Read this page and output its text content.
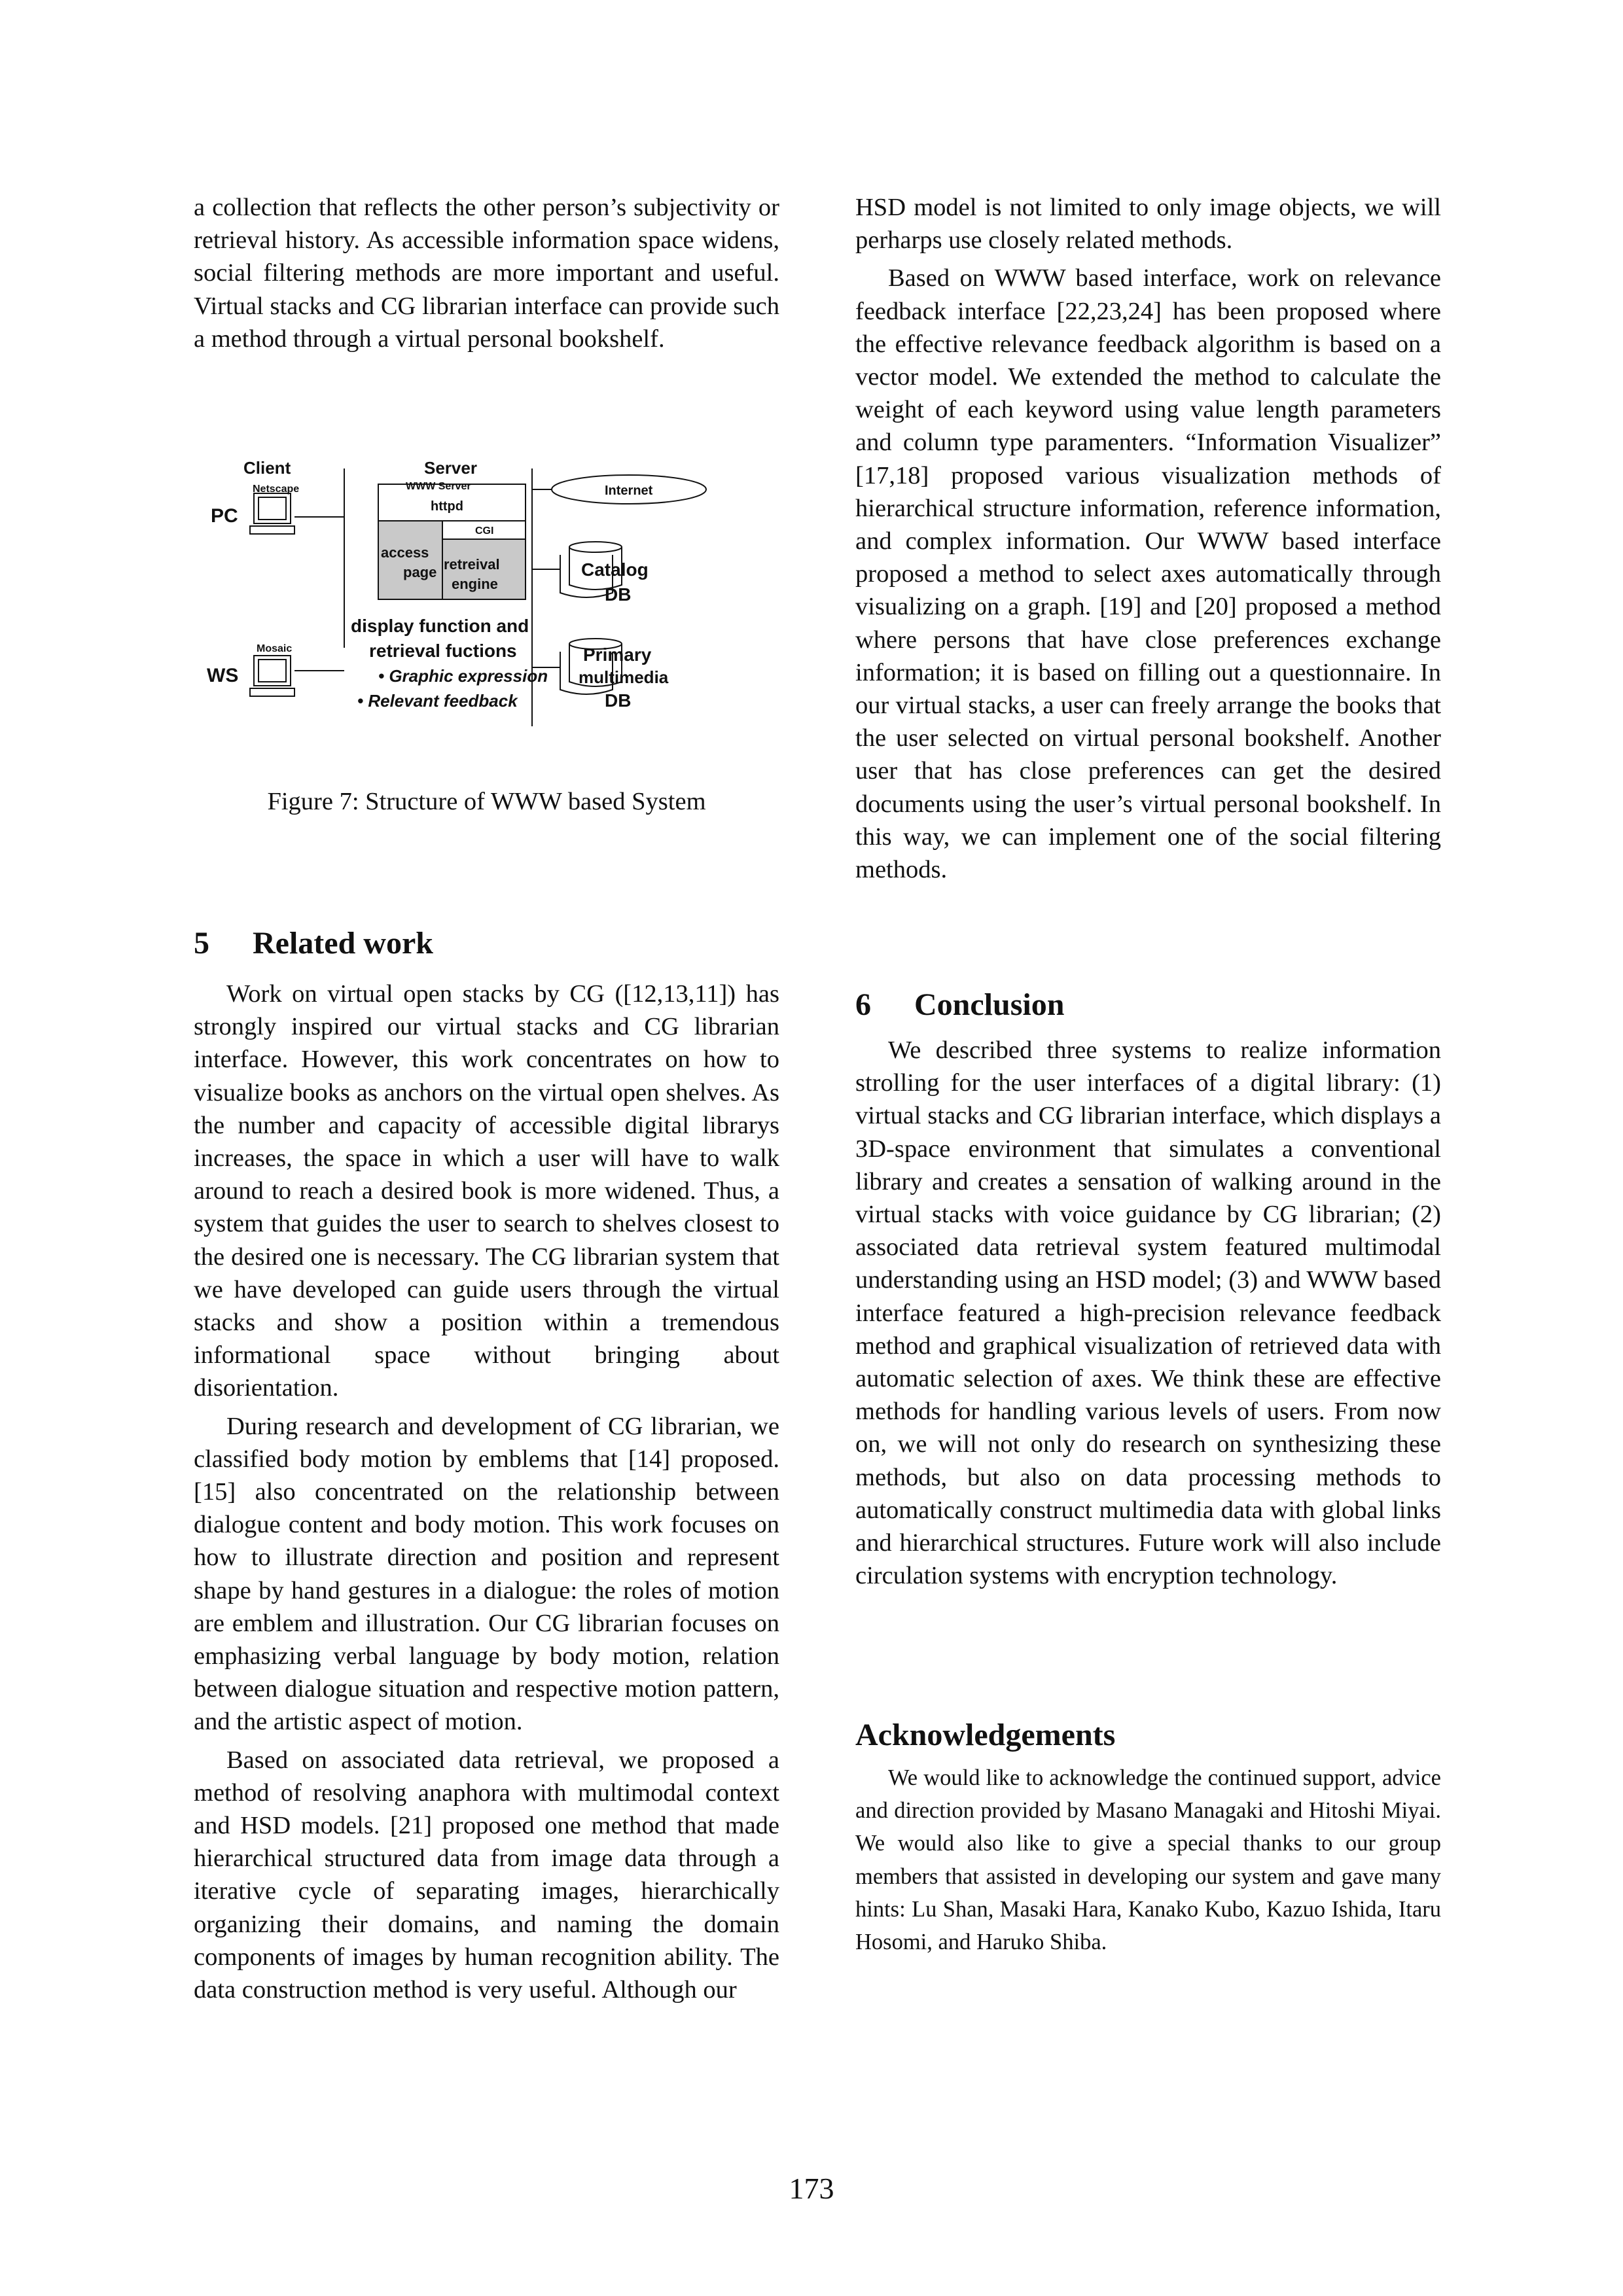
a collection that reflects the other person’s subjectivity or retrieval history. As accessible information space widens, social filtering methods are more important and useful. Virtual stacks and CG librarian interface can provide such a method through a virtual personal bookshelf.

Client
Netscape
PC
Mosaic
WS
Server
WWW Server
httpd
CGI
access
page retreival
engine
display function and
retrieval fuctions
• Graphic expression
• Relevant feedback
Internet
Catalog
DB
Primary
multimedia
DB
Figure 7: Structure of WWW based System
5 Related work

Work on virtual open stacks by CG ([12,13,11]) has strongly inspired our virtual stacks and CG librarian interface. However, this work concentrates on how to visualize books as anchors on the virtual open shelves. As the number and capacity of accessible digital librarys increases, the space in which a user will have to walk around to reach a desired book is more widened. Thus, a system that guides the user to search to shelves closest to the desired one is necessary. The CG librarian system that we have developed can guide users through the virtual stacks and show a position within a tremendous informational space without bringing about disorientation.

During research and development of CG librarian, we classified body motion by emblems that [14] proposed. [15] also concentrated on the relationship between dialogue content and body motion. This work focuses on how to illustrate direction and position and represent shape by hand gestures in a dialogue: the roles of motion are emblem and illustration. Our CG librarian focuses on emphasizing verbal language by body motion, relation between dialogue situation and respective motion pattern, and the artistic aspect of motion.

Based on associated data retrieval, we proposed a method of resolving anaphora with multimodal context and HSD models. [21] proposed one method that made hierarchical structured data from image data through a iterative cycle of separating images, hierarchically organizing their domains, and naming the domain components of images by human recognition ability. The data construction method is very useful. Although our

HSD model is not limited to only image objects, we will perharps use closely related methods.

Based on WWW based interface, work on relevance feedback interface [22,23,24] has been proposed where the effective relevance feedback algorithm is based on a vector model. We extended the method to calculate the weight of each keyword using value length parameters and column type paramenters. “Information Visualizer” [17,18] proposed various visualization methods of hierarchical structure information, reference information, and complex information. Our WWW based interface proposed a method to select axes automatically through visualizing on a graph. [19] and [20] proposed a method where persons that have close preferences exchange information; it is based on filling out a questionnaire. In our virtual stacks, a user can freely arrange the books that the user selected on virtual personal bookshelf. Another user that has close preferences can get the desired documents using the user’s virtual personal bookshelf. In this way, we can implement one of the social filtering methods.

6 Conclusion

We described three systems to realize information strolling for the user interfaces of a digital library: (1) virtual stacks and CG librarian interface, which displays a 3D-space environment that simulates a conventional library and creates a sensation of walking around in the virtual stacks with voice guidance by CG librarian; (2) associated data retrieval system featured multimodal understanding using an HSD model; (3) and WWW based interface featured a high-precision relevance feedback method and graphical visualization of retrieved data with automatic selection of axes. We think these are effective methods for handling various levels of users. From now on, we will not only do research on synthesizing these methods, but also on data processing methods to automatically construct multimedia data with global links and hierarchical structures. Future work will also include circulation systems with encryption technology.

Acknowledgements

We would like to acknowledge the continued support, advice and direction provided by Masano Managaki and Hitoshi Miyai. We would also like to give a special thanks to our group members that assisted in developing our system and gave many hints: Lu Shan, Masaki Hara, Kanako Kubo, Kazuo Ishida, Itaru Hosomi, and Haruko Shiba.

173
